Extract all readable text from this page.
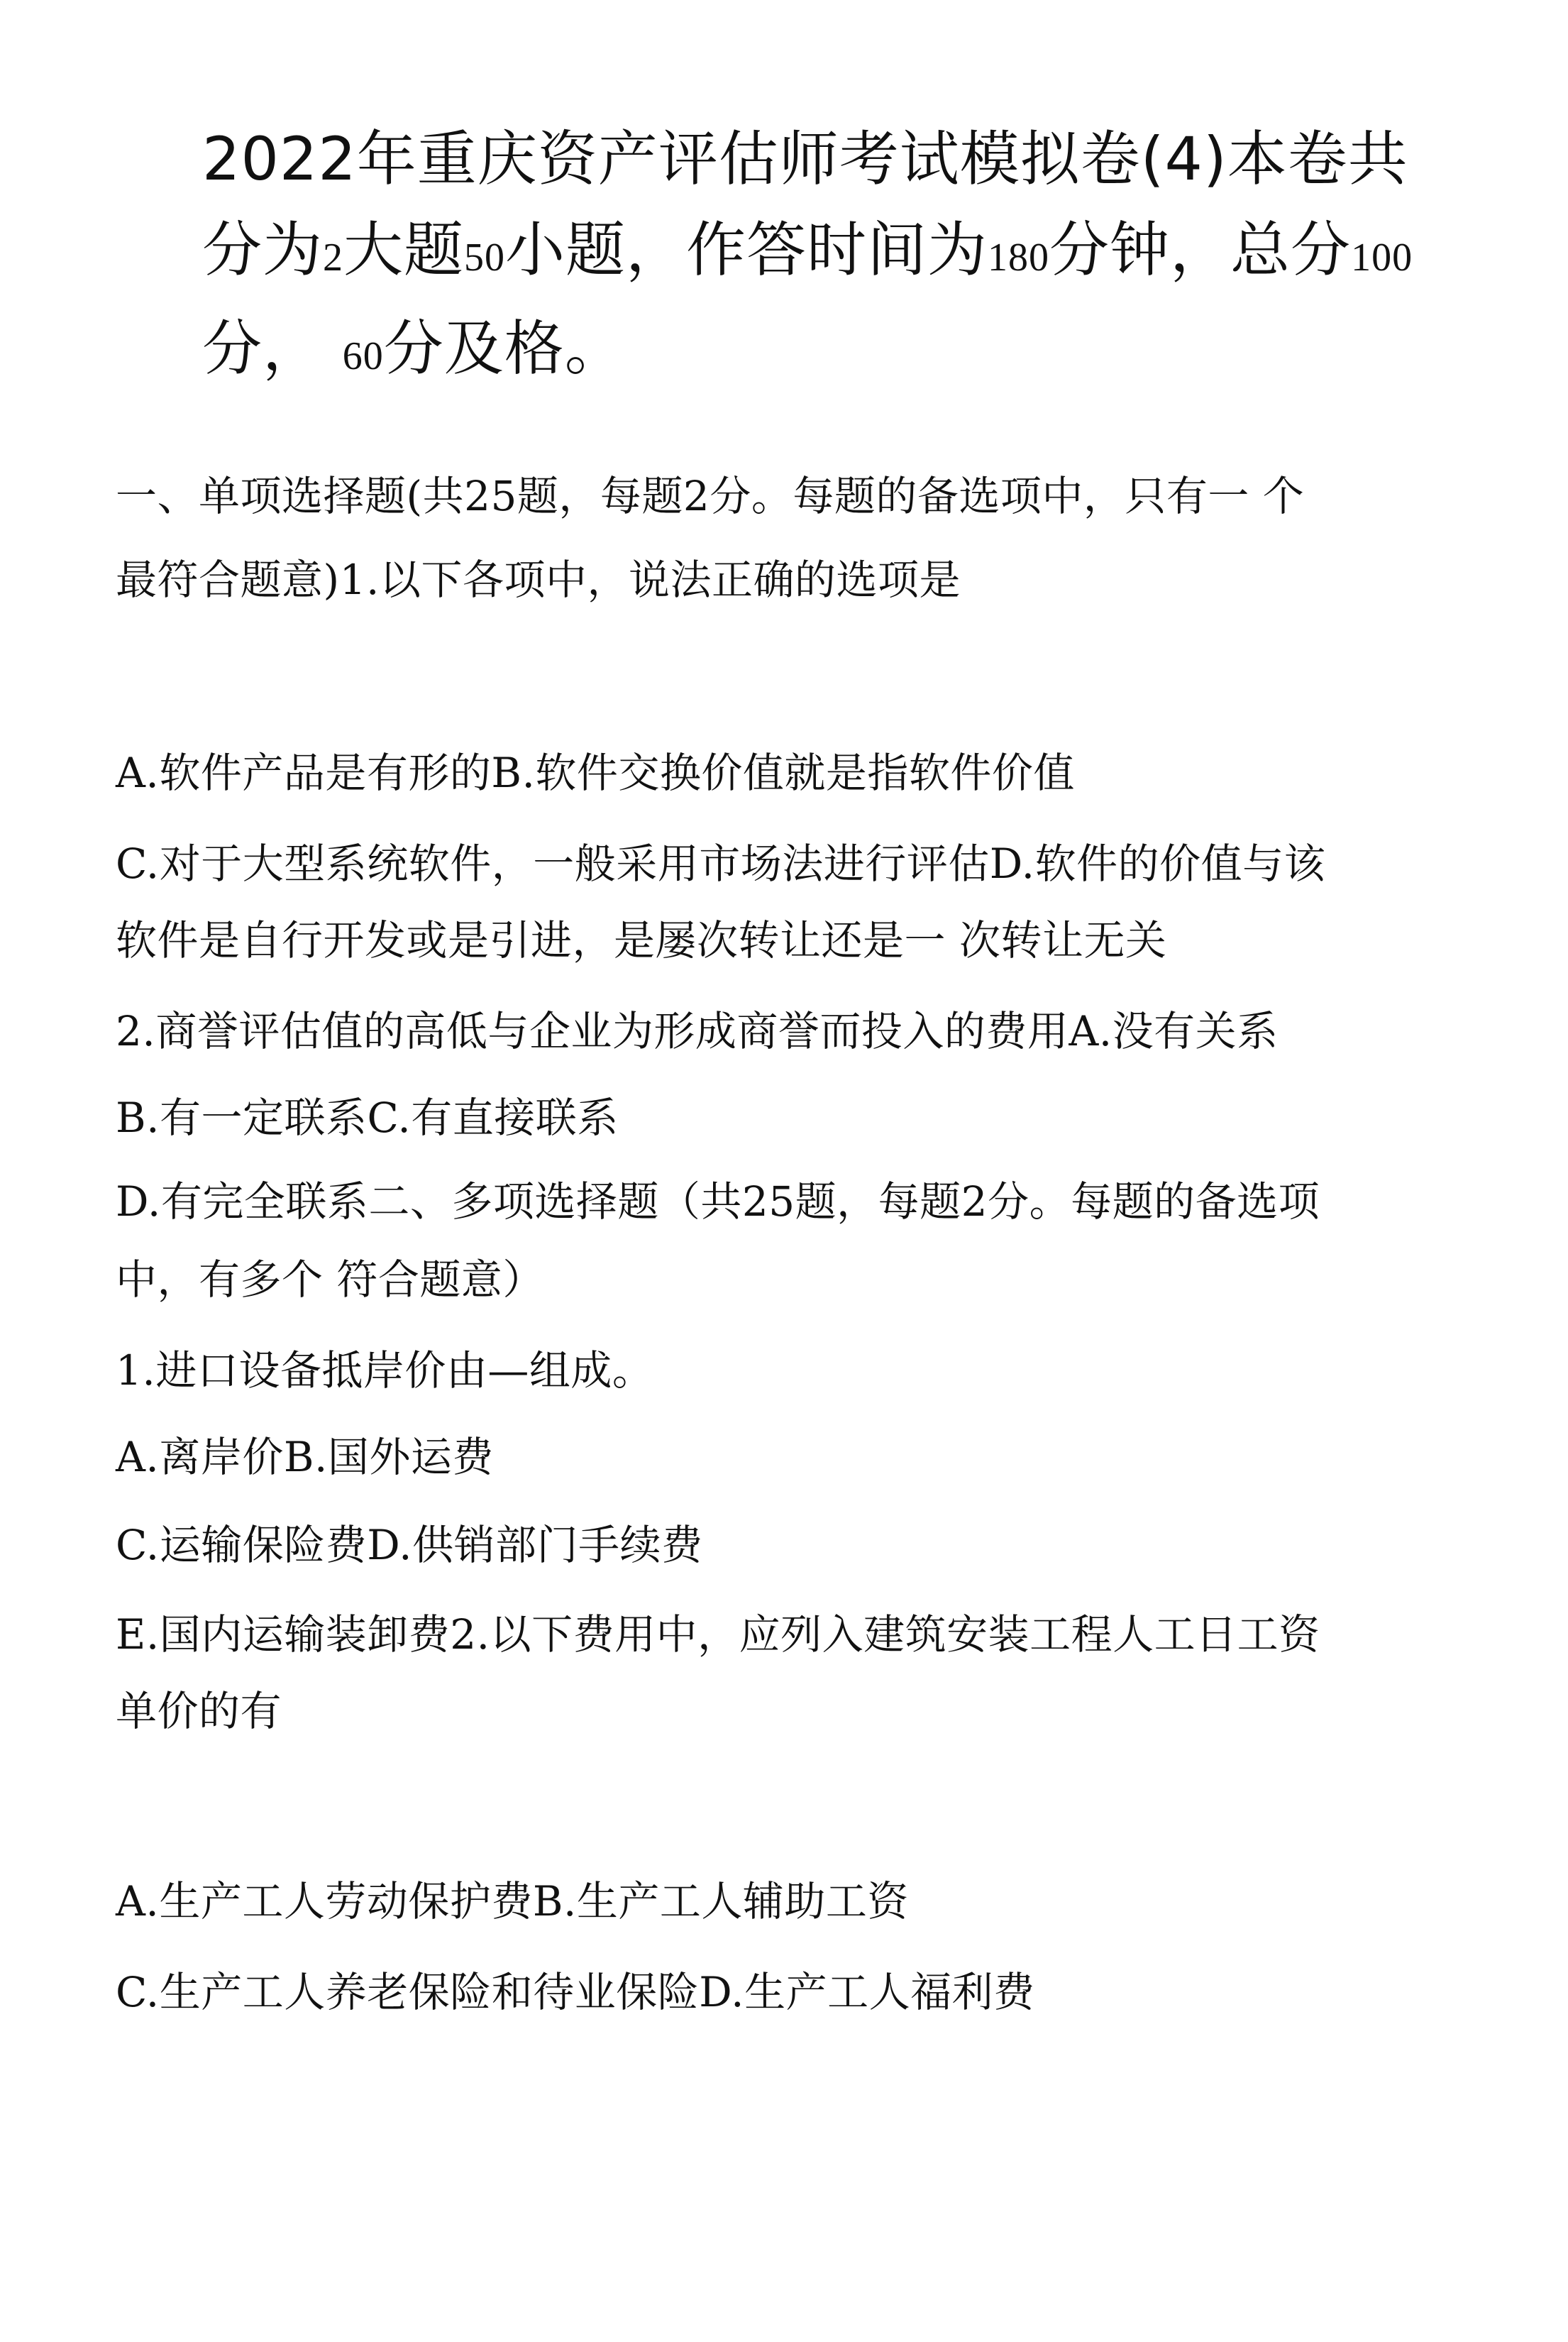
2022年重庆资产评估师考试模拟卷(4)本卷共分为2大题50小题，作答时间为180分钟，总分100分， 60分及格。

一、单项选择题(共25题，每题2分。每题的备选项中，只有一 个

最符合题意)1.以下各项中，说法正确的选项是

A.软件产品是有形的B.软件交换价值就是指软件价值

C.对于大型系统软件，一般采用市场法进行评估D.软件的价值与该

软件是自行开发或是引进，是屡次转让还是一 次转让无关

2.商誉评估值的高低与企业为形成商誉而投入的费用A.没有关系

B.有一定联系C.有直接联系

D.有完全联系二、多项选择题（共25题，每题2分。每题的备选项

中，有多个 符合题意）

1.进口设备抵岸价由—组成。

A.离岸价B.国外运费

C.运输保险费D.供销部门手续费

E.国内运输装卸费2.以下费用中，应列入建筑安装工程人工日工资

单价的有

A.生产工人劳动保护费B.生产工人辅助工资

C.生产工人养老保险和待业保险D.生产工人福利费
